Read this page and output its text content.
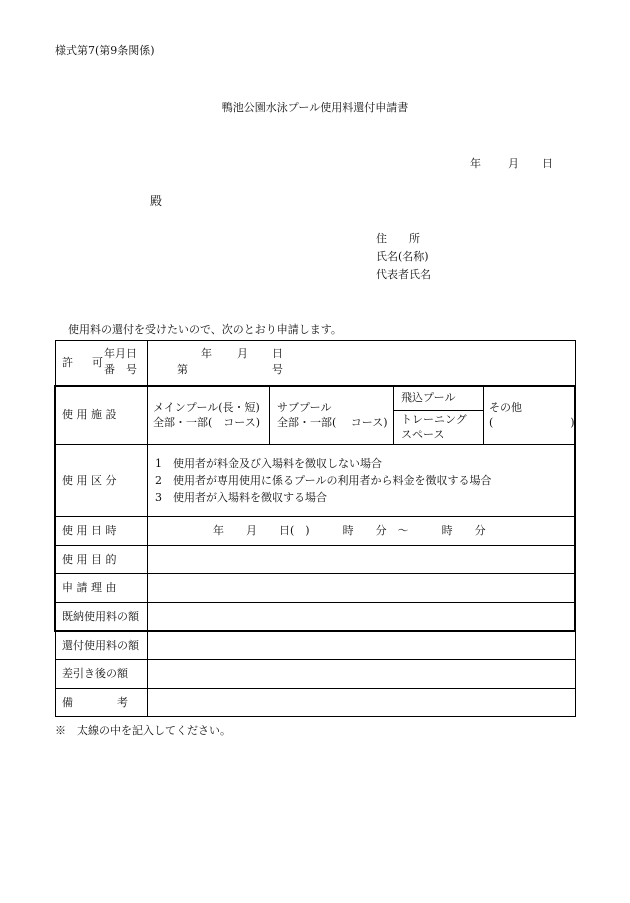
様式第7(第9条関係)
鴨池公園水泳プール使用料還付申請書
年 月 日
殿
住　　所
氏名(名称)
代表者氏名
使用料の還付を受けたいので、次のとおり申請します。
許　可
年月日
番　号
年 月 日
第	号
使 用 施 設
メインプール(長・短)
全部・一部(　コース)
サブプール
全部・一部(　 コース)
飛込プール
トレーニング
スペース
その他
(　　　　　　　)
使 用 区 分
1　使用者が料金及び入場料を徴収しない場合
2　使用者が専用使用に係るプールの利用者から料金を徴収する場合
3　使用者が入場料を徴収する場合
使 用 日 時	年　　月　　日(　)　　　時　　分　～　　　時　　分
使 用 目 的
申 請 理 由
既納使用料の額
還付使用料の額
差引き後の額
備　　　　考
※　太線の中を記入してください。
